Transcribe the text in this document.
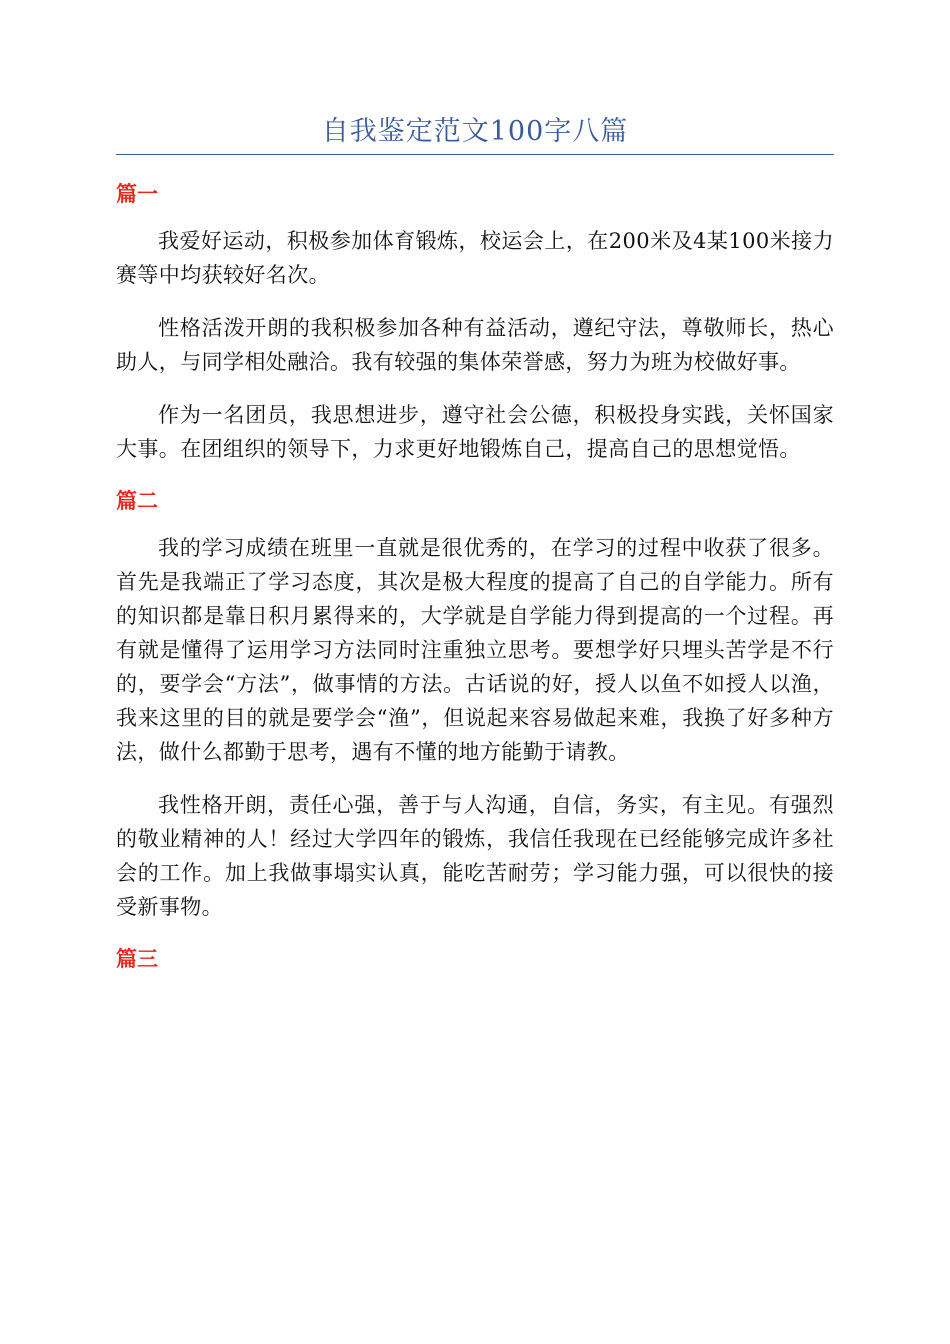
自我鉴定范文100字八篇
篇一

我爱好运动，积极参加体育锻炼，校运会上，在200米及4某100米接力赛等中均获较好名次。

性格活泼开朗的我积极参加各种有益活动，遵纪守法，尊敬师长，热心助人，与同学相处融洽。我有较强的集体荣誉感，努力为班为校做好事。

作为一名团员，我思想进步，遵守社会公德，积极投身实践，关怀国家大事。在团组织的领导下，力求更好地锻炼自己，提高自己的思想觉悟。

篇二

我的学习成绩在班里一直就是很优秀的，在学习的过程中收获了很多。首先是我端正了学习态度，其次是极大程度的提高了自己的自学能力。所有的知识都是靠日积月累得来的，大学就是自学能力得到提高的一个过程。再有就是懂得了运用学习方法同时注重独立思考。要想学好只埋头苦学是不行的，要学会“方法”，做事情的方法。古话说的好，授人以鱼不如授人以渔，我来这里的目的就是要学会“渔”，但说起来容易做起来难，我换了好多种方法，做什么都勤于思考，遇有不懂的地方能勤于请教。

我性格开朗，责任心强，善于与人沟通，自信，务实，有主见。有强烈的敬业精神的人！经过大学四年的锻炼，我信任我现在已经能够完成许多社会的工作。加上我做事塌实认真，能吃苦耐劳；学习能力强，可以很快的接受新事物。

篇三
